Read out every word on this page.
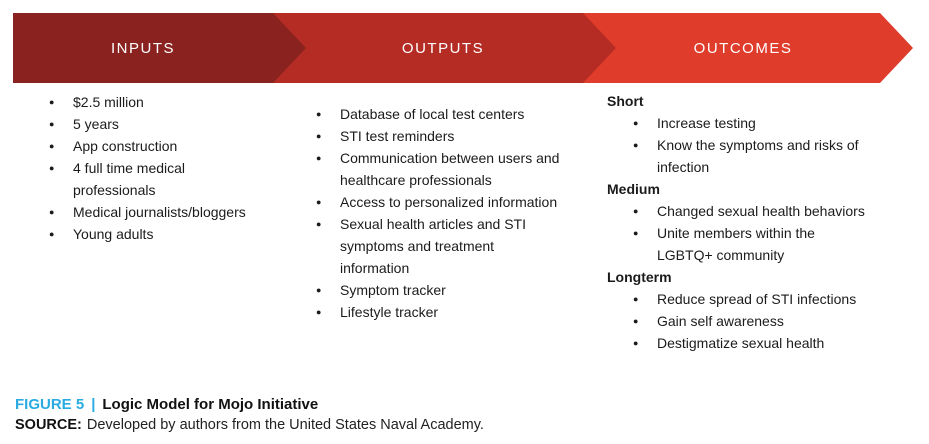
INPUTS	OUTPUTS	OUTCOMES
● $2.5 million
● 5 years
● App construction
● 4 full time medical
professionals
● Medical journalists/bloggers
● Young adults
● Database of local test centers
● STI test reminders
● Communication between users and
healthcare professionals
● Access to personalized information
● Sexual health articles and STI
symptoms and treatment
information
● Symptom tracker
● Lifestyle tracker
Short
● Increase testing
● Know the symptoms and risks of
infection
Medium
● Changed sexual health behaviors
● Unite members within the
LGBTQ+ community
Longterm
● Reduce spread of STI infections
● Gain self awareness
● Destigmatize sexual health
FIGURE 5 | Logic Model for Mojo Initiative
SOURCE: Developed by authors from the United States Naval Academy.
